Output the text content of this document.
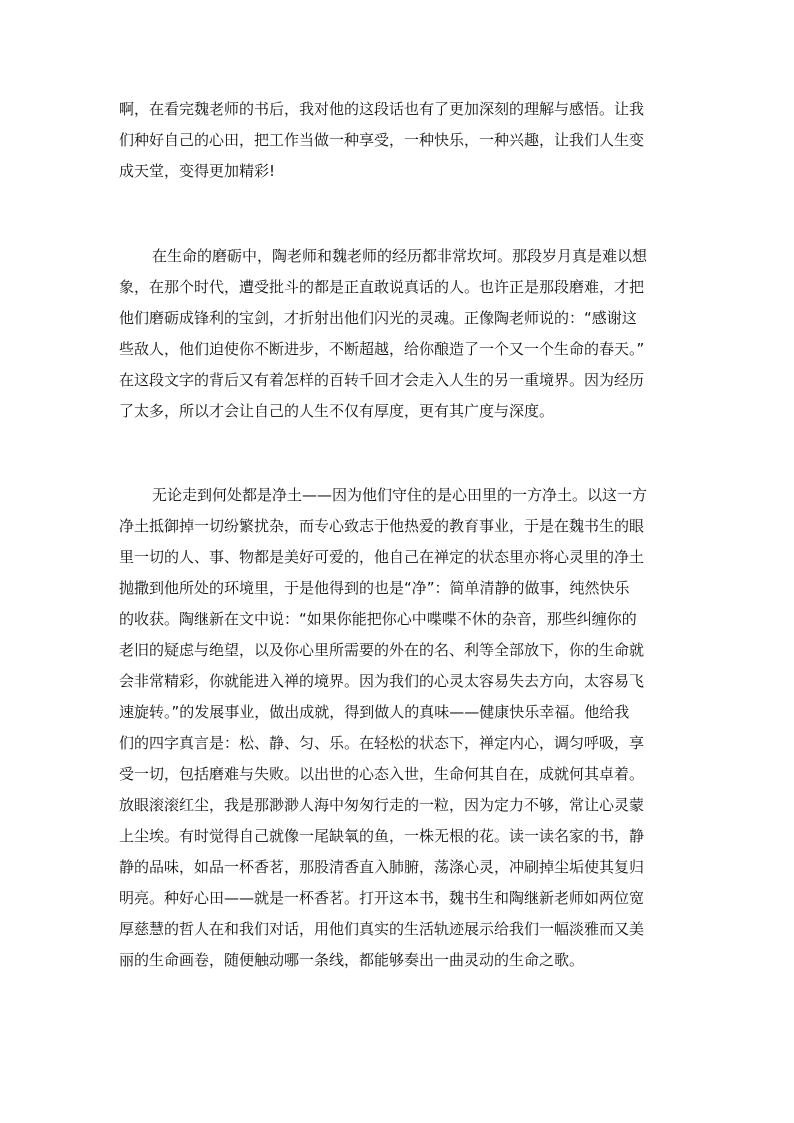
啊，在看完魏老师的书后，我对他的这段话也有了更加深刻的理解与感悟。让我
们种好自己的心田，把工作当做一种享受，一种快乐，一种兴趣，让我们人生变
成天堂，变得更加精彩!
在生命的磨砺中，陶老师和魏老师的经历都非常坎坷。那段岁月真是难以想
象，在那个时代，遭受批斗的都是正直敢说真话的人。也许正是那段磨难，才把
他们磨砺成锋利的宝剑，才折射出他们闪光的灵魂。正像陶老师说的：“感谢这
些敌人，他们迫使你不断进步，不断超越，给你酿造了一个又一个生命的春天。”
在这段文字的背后又有着怎样的百转千回才会走入人生的另一重境界。因为经历
了太多，所以才会让自己的人生不仅有厚度，更有其广度与深度。
无论走到何处都是净土——因为他们守住的是心田里的一方净土。以这一方
净土抵御掉一切纷繁扰杂，而专心致志于他热爱的教育事业，于是在魏书生的眼
里一切的人、事、物都是美好可爱的，他自己在禅定的状态里亦将心灵里的净土
抛撒到他所处的环境里，于是他得到的也是“净”：简单清静的做事，纯然快乐
的收获。陶继新在文中说：“如果你能把你心中喋喋不休的杂音，那些纠缠你的
老旧的疑虑与绝望，以及你心里所需要的外在的名、利等全部放下，你的生命就
会非常精彩，你就能进入禅的境界。因为我们的心灵太容易失去方向，太容易飞
速旋转。”的发展事业，做出成就，得到做人的真味——健康快乐幸福。他给我
们的四字真言是：松、静、匀、乐。在轻松的状态下，禅定内心，调匀呼吸，享
受一切，包括磨难与失败。以出世的心态入世，生命何其自在，成就何其卓着。
放眼滚滚红尘，我是那渺渺人海中匆匆行走的一粒，因为定力不够，常让心灵蒙
上尘埃。有时觉得自己就像一尾缺氧的鱼，一株无根的花。读一读名家的书，静
静的品味，如品一杯香茗，那股清香直入肺腑，荡涤心灵，冲刷掉尘垢使其复归
明亮。种好心田——就是一杯香茗。打开这本书，魏书生和陶继新老师如两位宽
厚慈慧的哲人在和我们对话，用他们真实的生活轨迹展示给我们一幅淡雅而又美
丽的生命画卷，随便触动哪一条线，都能够奏出一曲灵动的生命之歌。
